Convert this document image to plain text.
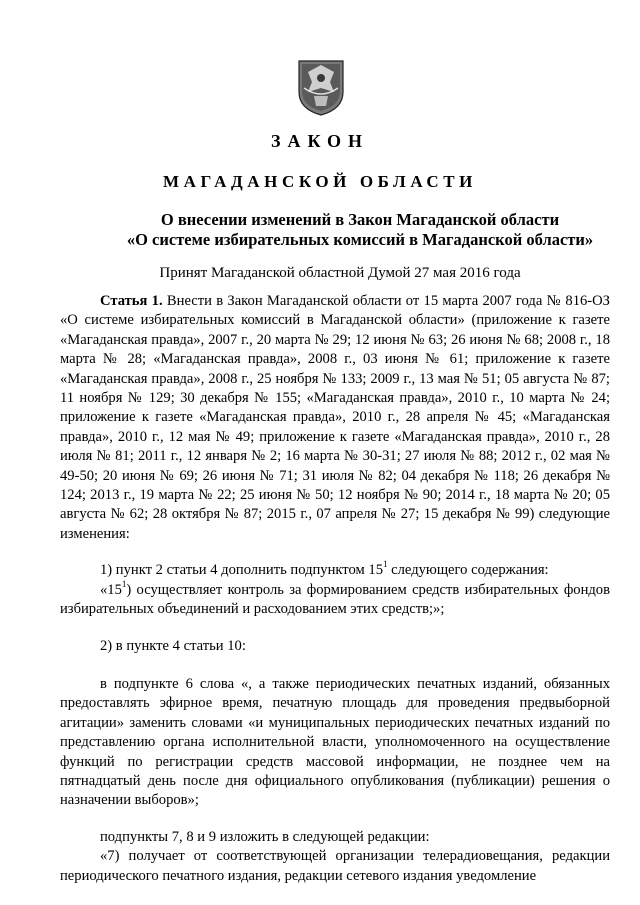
ЗАКОН
МАГАДАНСКОЙ ОБЛАСТИ
О внесении изменений в Закон Магаданской области
«О системе избирательных комиссий в Магаданской области»
Принят Магаданской областной Думой 27 мая 2016 года

Статья 1. Внести в Закон Магаданской области от 15 марта 2007 года № 816-ОЗ «О системе избирательных комиссий в Магаданской области» (приложение к газете «Магаданская правда», 2007 г., 20 марта № 29; 12 июня № 63; 26 июня № 68; 2008 г., 18 марта № 28; «Магаданская правда», 2008 г., 03 июня № 61; приложение к газете «Магаданская правда», 2008 г., 25 ноября № 133; 2009 г., 13 мая № 51; 05 августа № 87; 11 ноября № 129; 30 декабря № 155; «Магаданская правда», 2010 г., 10 марта № 24; приложение к газете «Магаданская правда», 2010 г., 28 апреля № 45; «Магаданская правда», 2010 г., 12 мая № 49; приложение к газете «Магаданская правда», 2010 г., 28 июля № 81; 2011 г., 12 января № 2; 16 марта № 30-31; 27 июля № 88; 2012 г., 02 мая № 49-50; 20 июня № 69; 26 июня № 71; 31 июля № 82; 04 декабря № 118; 26 декабря № 124; 2013 г., 19 марта № 22; 25 июня № 50; 12 ноября № 90; 2014 г., 18 марта № 20; 05 августа № 62; 28 октября № 87; 2015 г., 07 апреля № 27; 15 декабря № 99) следующие изменения:

1) пункт 2 статьи 4 дополнить подпунктом $15^1$ следующего содержания:

«$15^1$) осуществляет контроль за формированием средств избирательных фондов избирательных объединений и расходованием этих средств;»;

2) в пункте 4 статьи 10:

в подпункте 6 слова «, а также периодических печатных изданий, обязанных предоставлять эфирное время, печатную площадь для проведения предвыборной агитации» заменить словами «и муниципальных периодических печатных изданий по представлению органа исполнительной власти, уполномоченного на осуществление функций по регистрации средств массовой информации, не позднее чем на пятнадцатый день после дня официального опубликования (публикации) решения о назначении выборов»;

подпункты 7, 8 и 9 изложить в следующей редакции:

«7) получает от соответствующей организации телерадиовещания, редакции периодического печатного издания, редакции сетевого издания уведомление
